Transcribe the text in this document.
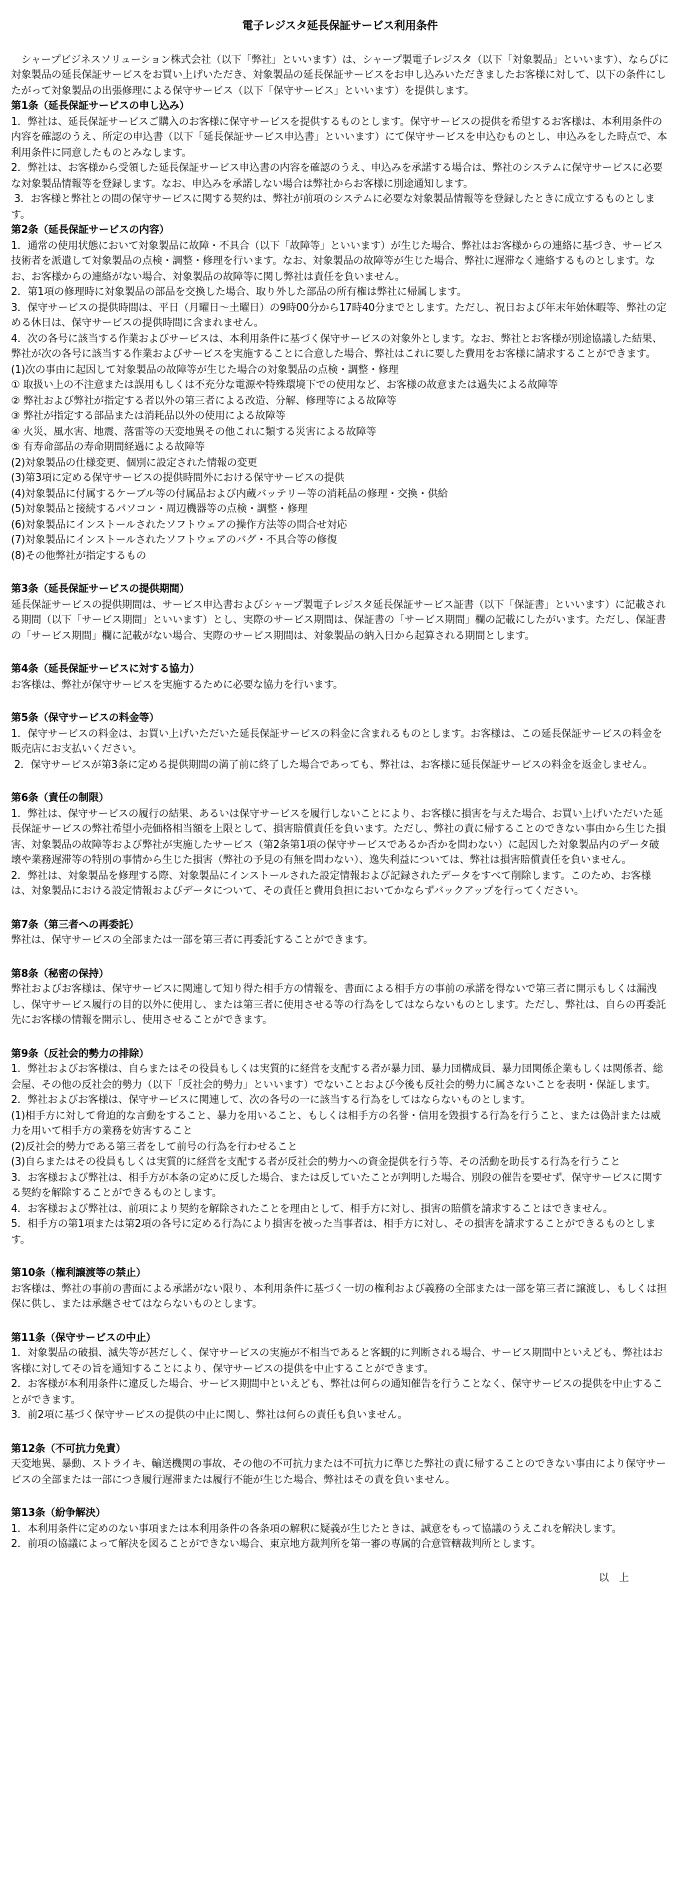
電子レジスタ延長保証サービス利用条件
　シャープビジネスソリューション株式会社（以下「弊社」といいます）は、シャープ製電子レジスタ（以下「対象製品」といいます）、ならびに対象製品の延長保証サービスをお買い上げいただき、対象製品の延長保証サービスをお申し込みいただきましたお客様に対して、以下の条件にしたがって対象製品の出張修理による保守サービス（以下「保守サービス」といいます）を提供します。
第1条（延長保証サービスの申し込み）
1．弊社は、延長保証サービスご購入のお客様に保守サービスを提供するものとします。保守サービスの提供を希望するお客様は、本利用条件の内容を確認のうえ、所定の申込書（以下「延長保証サービス申込書」といいます）にて保守サービスを申込むものとし、申込みをした時点で、本利用条件に同意したものとみなします。
2．弊社は、お客様から受領した延長保証サービス申込書の内容を確認のうえ、申込みを承諾する場合は、弊社のシステムに保守サービスに必要な対象製品情報等を登録します。なお、申込みを承諾しない場合は弊社からお客様に別途通知します。
3．お客様と弊社との間の保守サービスに関する契約は、弊社が前項のシステムに必要な対象製品情報等を登録したときに成立するものとします。
第2条（延長保証サービスの内容）
1．通常の使用状態において対象製品に故障・不具合（以下「故障等」といいます）が生じた場合、弊社はお客様からの連絡に基づき、サービス技術者を派遣して対象製品の点検・調整・修理を行います。なお、対象製品の故障等が生じた場合、弊社に遅滞なく連絡するものとします。なお、お客様からの連絡がない場合、対象製品の故障等に関し弊社は責任を負いません。
2．第1項の修理時に対象製品の部品を交換した場合、取り外した部品の所有権は弊社に帰属します。
3．保守サービスの提供時間は、平日（月曜日～土曜日）の9時00分から17時40分までとします。ただし、祝日および年末年始休暇等、弊社の定める休日は、保守サービスの提供時間に含まれません。
4．次の各号に該当する作業およびサービスは、本利用条件に基づく保守サービスの対象外とします。なお、弊社とお客様が別途協議した結果、弊社が次の各号に該当する作業およびサービスを実施することに合意した場合、弊社はこれに要した費用をお客様に請求することができます。
(1)次の事由に起因して対象製品の故障等が生じた場合の対象製品の点検・調整・修理
① 取扱い上の不注意または誤用もしくは不充分な電源や特殊環境下での使用など、お客様の故意または過失による故障等
② 弊社および弊社が指定する者以外の第三者による改造、分解、修理等による故障等
③ 弊社が指定する部品または消耗品以外の使用による故障等
④ 火災、風水害、地震、落雷等の天変地異その他これに類する災害による故障等
⑤ 有寿命部品の寿命期間経過による故障等
(2)対象製品の仕様変更、個別に設定された情報の変更
(3)第3項に定める保守サービスの提供時間外における保守サービスの提供
(4)対象製品に付属するケーブル等の付属品および内蔵バッテリー等の消耗品の修理・交換・供給
(5)対象製品と接続するパソコン・周辺機器等の点検・調整・修理
(6)対象製品にインストールされたソフトウェアの操作方法等の問合せ対応
(7)対象製品にインストールされたソフトウェアのバグ・不具合等の修復
(8)その他弊社が指定するもの
第3条（延長保証サービスの提供期間）
延長保証サービスの提供期間は、サービス申込書およびシャープ製電子レジスタ延長保証サービス証書（以下「保証書」といいます）に記載される期間（以下「サービス期間」といいます）とし、実際のサービス期間は、保証書の「サービス期間」欄の記載にしたがいます。ただし、保証書の「サービス期間」欄に記載がない場合、実際のサービス期間は、対象製品の納入日から起算される期間とします。
第4条（延長保証サービスに対する協力）
お客様は、弊社が保守サービスを実施するために必要な協力を行います。
第5条（保守サービスの料金等）
1．保守サービスの料金は、お買い上げいただいた延長保証サービスの料金に含まれるものとします。お客様は、この延長保証サービスの料金を販売店にお支払いください。
2．保守サービスが第3条に定める提供期間の満了前に終了した場合であっても、弊社は、お客様に延長保証サービスの料金を返金しません。
第6条（責任の制限）
1．弊社は、保守サービスの履行の結果、あるいは保守サービスを履行しないことにより、お客様に損害を与えた場合、お買い上げいただいた延長保証サービスの弊社希望小売価格相当額を上限として、損害賠償責任を負います。ただし、弊社の責に帰することのできない事由から生じた損害、対象製品の故障等および弊社が実施したサービス（第2条第1項の保守サービスであるか否かを問わない）に起因した対象製品内のデータ破壊や業務遅滞等の特別の事情から生じた損害（弊社の予見の有無を問わない）、逸失利益については、弊社は損害賠償責任を負いません。
2．弊社は、対象製品を修理する際、対象製品にインストールされた設定情報および記録されたデータをすべて削除します。このため、お客様は、対象製品における設定情報およびデータについて、その責任と費用負担においてかならずバックアップを行ってください。
第7条（第三者への再委託）
弊社は、保守サービスの全部または一部を第三者に再委託することができます。
第8条（秘密の保持）
弊社およびお客様は、保守サービスに関連して知り得た相手方の情報を、書面による相手方の事前の承諾を得ないで第三者に開示もしくは漏洩し、保守サービス履行の目的以外に使用し、または第三者に使用させる等の行為をしてはならないものとします。ただし、弊社は、自らの再委託先にお客様の情報を開示し、使用させることができます。
第9条（反社会的勢力の排除）
1．弊社およびお客様は、自らまたはその役員もしくは実質的に経営を支配する者が暴力団、暴力団構成員、暴力団関係企業もしくは関係者、総会屋、その他の反社会的勢力（以下「反社会的勢力」といいます）でないことおよび今後も反社会的勢力に属さないことを表明・保証します。
2．弊社およびお客様は、保守サービスに関連して、次の各号の一に該当する行為をしてはならないものとします。
(1)相手方に対して脅迫的な言動をすること、暴力を用いること、もしくは相手方の名誉・信用を毀損する行為を行うこと、または偽計または威力を用いて相手方の業務を妨害すること
(2)反社会的勢力である第三者をして前号の行為を行わせること
(3)自らまたはその役員もしくは実質的に経営を支配する者が反社会的勢力への資金提供を行う等、その活動を助長する行為を行うこと
3．お客様および弊社は、相手方が本条の定めに反した場合、または反していたことが判明した場合、別段の催告を要せず、保守サービスに関する契約を解除することができるものとします。
4．お客様および弊社は、前項により契約を解除されたことを理由として、相手方に対し、損害の賠償を請求することはできません。
5．相手方の第1項または第2項の各号に定める行為により損害を被った当事者は、相手方に対し、その損害を請求することができるものとします。
第10条（権利譲渡等の禁止）
お客様は、弊社の事前の書面による承諾がない限り、本利用条件に基づく一切の権利および義務の全部または一部を第三者に譲渡し、もしくは担保に供し、または承継させてはならないものとします。
第11条（保守サービスの中止）
1．対象製品の破損、滅失等が甚だしく、保守サービスの実施が不相当であると客観的に判断される場合、サービス期間中といえども、弊社はお客様に対してその旨を通知することにより、保守サービスの提供を中止することができます。
2．お客様が本利用条件に違反した場合、サービス期間中といえども、弊社は何らの通知催告を行うことなく、保守サービスの提供を中止することができます。
3．前2項に基づく保守サービスの提供の中止に関し、弊社は何らの責任も負いません。
第12条（不可抗力免責）
天変地異、暴動、ストライキ、輸送機関の事故、その他の不可抗力または不可抗力に準じた弊社の責に帰することのできない事由により保守サービスの全部または一部につき履行遅滞または履行不能が生じた場合、弊社はその責を負いません。
第13条（紛争解決）
1．本利用条件に定めのない事項または本利用条件の各条項の解釈に疑義が生じたときは、誠意をもって協議のうえこれを解決します。
2．前項の協議によって解決を図ることができない場合、東京地方裁判所を第一審の専属的合意管轄裁判所とします。
以　上
